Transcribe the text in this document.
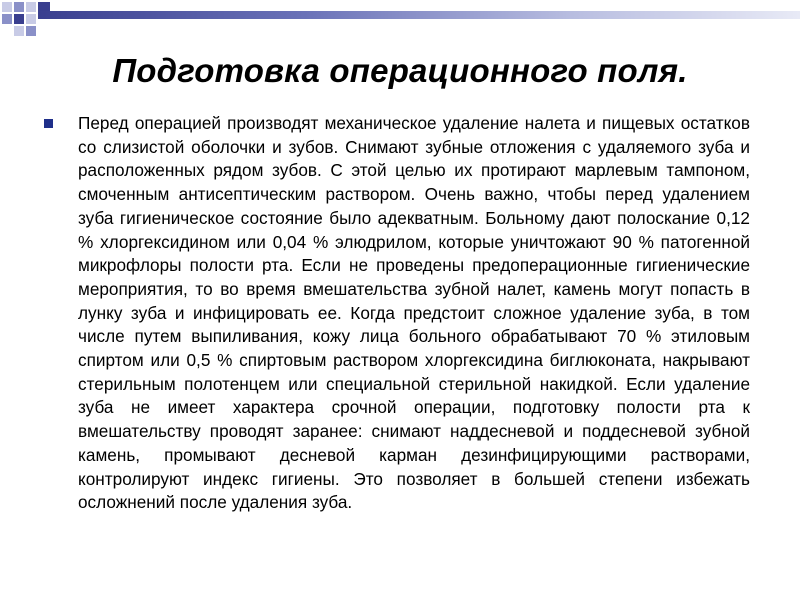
Подготовка операционного поля.
Перед операцией производят механическое удаление налета и пищевых остатков со слизистой оболочки и зубов. Снимают зубные отложения с удаляемого зуба и расположенных рядом зубов. С этой целью их протирают марлевым тампоном, смоченным антисептическим раствором. Очень важно, чтобы перед удалением зуба гигиеническое состояние было адекватным. Больному дают полоскание 0,12 % хлоргексидином или 0,04 % элюдрилом, которые уничтожают 90 % патогенной микрофлоры полости рта. Если не проведены предоперационные гигиенические мероприятия, то во время вмешательства зубной налет, камень могут попасть в лунку зуба и инфицировать ее. Когда предстоит сложное удаление зуба, в том числе путем выпиливания, кожу лица больного обрабатывают 70 % этиловым спиртом или 0,5 % спиртовым раствором хлоргексидина биглюконата, накрывают стерильным полотенцем или специальной стерильной накидкой. Если удаление зуба не имеет характера срочной операции, подготовку полости рта к вмешательству проводят заранее: снимают наддесневой и поддесневой зубной камень, промывают десневой карман дезинфицирующими растворами, контролируют индекс гигиены. Это позволяет в большей степени избежать осложнений после удаления зуба.
